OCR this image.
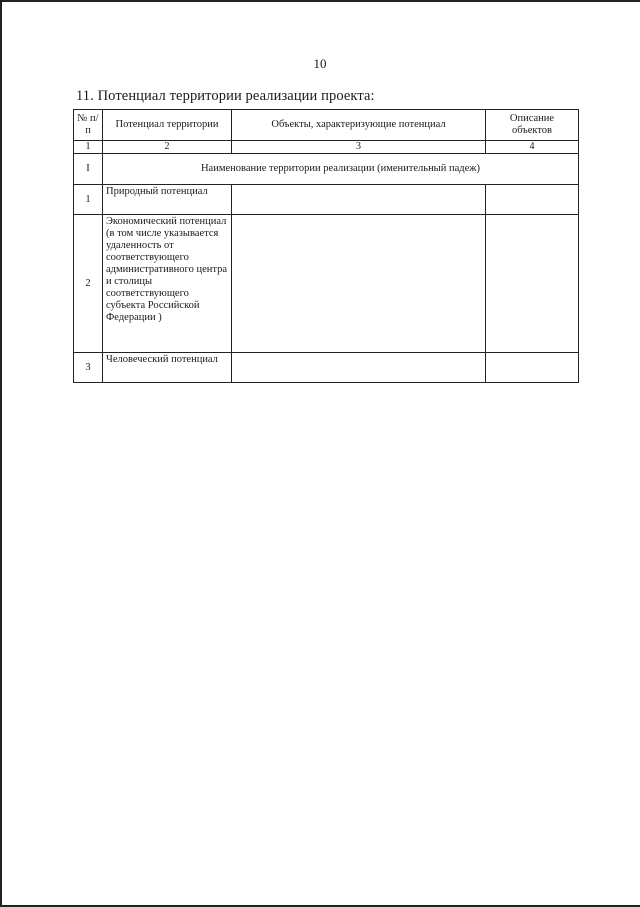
10
11. Потенциал территории реализации проекта:
№ п/п	Потенциал территории	Объекты, характеризующие потенциал	Описание объектов
1	2	3	4
I	Наименование территории реализации (именительный падеж)		
1	Природный потенциал		
2	Экономический потенциал (в том числе указывается удаленность от соответствующего административного центра и столицы соответствующего субъекта Российской Федерации )		
3	Человеческий потенциал		
